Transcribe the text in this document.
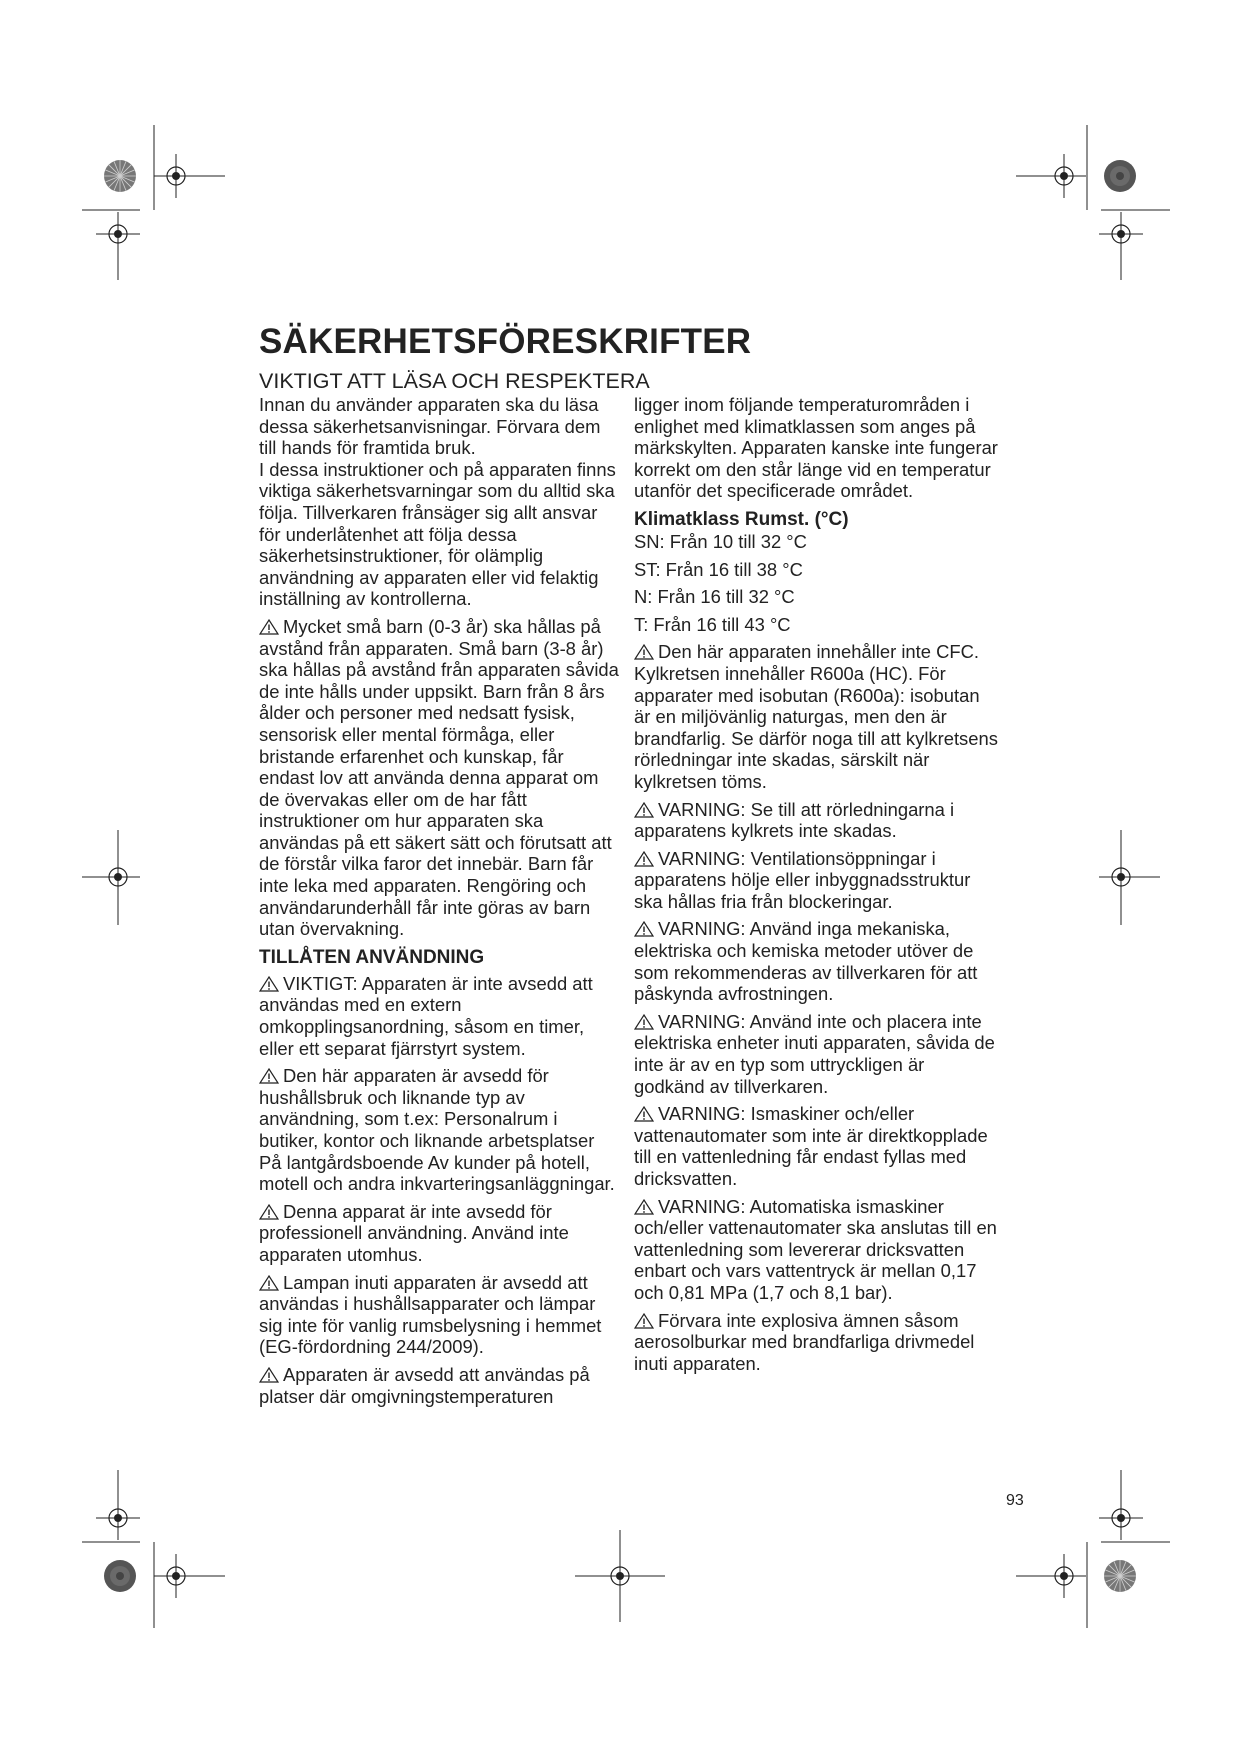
SÄKERHETSFÖRESKRIFTER
VIKTIGT ATT LÄSA OCH RESPEKTERA

Innan du använder apparaten ska du läsa dessa säkerhetsanvisningar. Förvara dem till hands för framtida bruk.

I dessa instruktioner och på apparaten finns viktiga säkerhetsvarningar som du alltid ska följa. Tillverkaren frånsäger sig allt ansvar för underlåtenhet att följa dessa säkerhetsinstruktioner, för olämplig användning av apparaten eller vid felaktig inställning av kontrollerna.

Mycket små barn (0-3 år) ska hållas på avstånd från apparaten. Små barn (3-8 år) ska hållas på avstånd från apparaten såvida de inte hålls under uppsikt. Barn från 8 års ålder och personer med nedsatt fysisk, sensorisk eller mental förmåga, eller bristande erfarenhet och kunskap, får endast lov att använda denna apparat om de övervakas eller om de har fått instruktioner om hur apparaten ska användas på ett säkert sätt och förutsatt att de förstår vilka faror det innebär. Barn får inte leka med apparaten. Rengöring och användarunderhåll får inte göras av barn utan övervakning.

TILLÅTEN ANVÄNDNING

VIKTIGT: Apparaten är inte avsedd att användas med en extern omkopplingsanordning, såsom en timer, eller ett separat fjärrstyrt system.

Den här apparaten är avsedd för hushållsbruk och liknande typ av användning, som t.ex: Personalrum i butiker, kontor och liknande arbetsplatser På lantgårdsboende Av kunder på hotell, motell och andra inkvarteringsanläggningar.

Denna apparat är inte avsedd för professionell användning. Använd inte apparaten utomhus.

Lampan inuti apparaten är avsedd att användas i hushållsapparater och lämpar sig inte för vanlig rumsbelysning i hemmet (EG-fördordning 244/2009).

Apparaten är avsedd att användas på platser där omgivningstemperaturen

ligger inom följande temperaturområden i enlighet med klimatklassen som anges på märkskylten. Apparaten kanske inte fungerar korrekt om den står länge vid en temperatur utanför det specificerade området.

Klimatklass Rumst. (°C)

SN: Från 10 till 32 °C

ST: Från 16 till 38 °C

N: Från 16 till 32 °C

T: Från 16 till 43 °C

Den här apparaten innehåller inte CFC. Kylkretsen innehåller R600a (HC). För apparater med isobutan (R600a): isobutan är en miljövänlig naturgas, men den är brandfarlig. Se därför noga till att kylkretsens rörledningar inte skadas, särskilt när kylkretsen töms.

VARNING: Se till att rörledningarna i apparatens kylkrets inte skadas.

VARNING: Ventilationsöppningar i apparatens hölje eller inbyggnadsstruktur ska hållas fria från blockeringar.

VARNING: Använd inga mekaniska, elektriska och kemiska metoder utöver de som rekommenderas av tillverkaren för att påskynda avfrostningen.

VARNING: Använd inte och placera inte elektriska enheter inuti apparaten, såvida de inte är av en typ som uttryckligen är godkänd av tillverkaren.

VARNING: Ismaskiner och/eller vattenautomater som inte är direktkopplade till en vattenledning får endast fyllas med dricksvatten.

VARNING: Automatiska ismaskiner och/eller vattenautomater ska anslutas till en vattenledning som levererar dricksvatten enbart och vars vattentryck är mellan 0,17 och 0,81 MPa (1,7 och 8,1 bar).

Förvara inte explosiva ämnen såsom aerosolburkar med brandfarliga drivmedel inuti apparaten.

93
